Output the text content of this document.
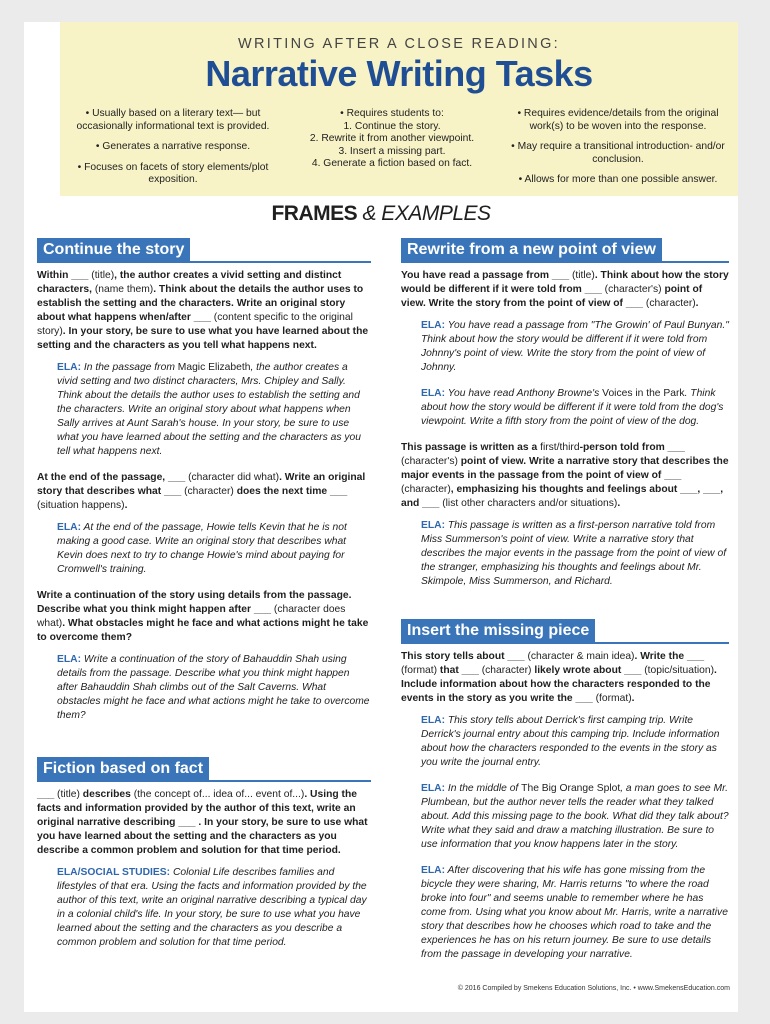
WRITING AFTER A CLOSE READING:
Narrative Writing Tasks

• Usually based on a literary text— but occasionally informational text is provided.

• Generates a narrative response.

• Focuses on facets of story elements/plot exposition.

• Requires students to:
1. Continue the story.
2. Rewrite it from another viewpoint.
3. Insert a missing part.
4. Generate a fiction based on fact.

• Requires evidence/details from the original work(s) to be woven into the response.

• May require a transitional introduction- and/or conclusion.

• Allows for more than one possible answer.

FRAMES & EXAMPLES
Continue the story
Within ___ (title), the author creates a vivid setting and distinct characters, (name them). Think about the details the author uses to establish the setting and the characters. Write an original story about what happens when/after ___ (content specific to the original story). In your story, be sure to use what you have learned about the setting and the characters as you tell what happens next.
ELA: In the passage from Magic Elizabeth, the author creates a vivid setting and two distinct characters, Mrs. Chipley and Sally. Think about the details the author uses to establish the setting and the characters. Write an original story about what happens when Sally arrives at Aunt Sarah's house. In your story, be sure to use what you have learned about the setting and the characters as you tell what happens next.
At the end of the passage, ___ (character did what). Write an original story that describes what ___ (character) does the next time ___ (situation happens).
ELA: At the end of the passage, Howie tells Kevin that he is not making a good case. Write an original story that describes what Kevin does next to try to change Howie's mind about paying for Cromwell's training.
Write a continuation of the story using details from the passage. Describe what you think might happen after ___ (character does what). What obstacles might he face and what actions might he take to overcome them?
ELA: Write a continuation of the story of Bahauddin Shah using details from the passage. Describe what you think might happen after Bahauddin Shah climbs out of the Salt Caverns. What obstacles might he face and what actions might he take to overcome them?
Fiction based on fact
___ (title) describes (the concept of... idea of... event of...). Using the facts and information provided by the author of this text, write an original narrative describing ___ . In your story, be sure to use what you have learned about the setting and the characters as you describe a common problem and solution for that time period.
ELA/SOCIAL STUDIES: Colonial Life describes families and lifestyles of that era. Using the facts and information provided by the author of this text, write an original narrative describing a typical day in a colonial child's life. In your story, be sure to use what you have learned about the setting and the characters as you describe a common problem and solution for that time period.
Rewrite from a new point of view
You have read a passage from ___ (title). Think about how the story would be different if it were told from ___ (character's) point of view. Write the story from the point of view of ___ (character).
ELA: You have read a passage from "The Growin' of Paul Bunyan." Think about how the story would be different if it were told from Johnny's point of view. Write the story from the point of view of Johnny.
ELA: You have read Anthony Browne's Voices in the Park. Think about how the story would be different if it were told from the dog's viewpoint. Write a fifth story from the point of view of the dog.
This passage is written as a first/third-person told from ___ (character's) point of view. Write a narrative story that describes the major events in the passage from the point of view of ___ (character), emphasizing his thoughts and feelings about ___, ___, and ___ (list other characters and/or situations).
ELA: This passage is written as a first-person narrative told from Miss Summerson's point of view. Write a narrative story that describes the major events in the passage from the point of view of the stranger, emphasizing his thoughts and feelings about Mr. Skimpole, Miss Summerson, and Richard.
Insert the missing piece
This story tells about ___ (character & main idea). Write the ___ (format) that ___ (character) likely wrote about ___ (topic/situation). Include information about how the characters responded to the events in the story as you write the ___ (format).
ELA: This story tells about Derrick's first camping trip. Write Derrick's journal entry about this camping trip. Include information about how the characters responded to the events in the story as you write the journal entry.
ELA: In the middle of The Big Orange Splot, a man goes to see Mr. Plumbean, but the author never tells the reader what they talked about. Add this missing page to the book. What did they talk about? Write what they said and draw a matching illustration. Be sure to use information that you know happens later in the story.
ELA: After discovering that his wife has gone missing from the bicycle they were sharing, Mr. Harris returns "to where the road broke into four" and seems unable to remember where he has come from. Using what you know about Mr. Harris, write a narrative story that describes how he chooses which road to take and the experiences he has on his return journey. Be sure to use details from the passage in developing your narrative.
© 2016 Compiled by Smekens Education Solutions, Inc. • www.SmekensEducation.com
